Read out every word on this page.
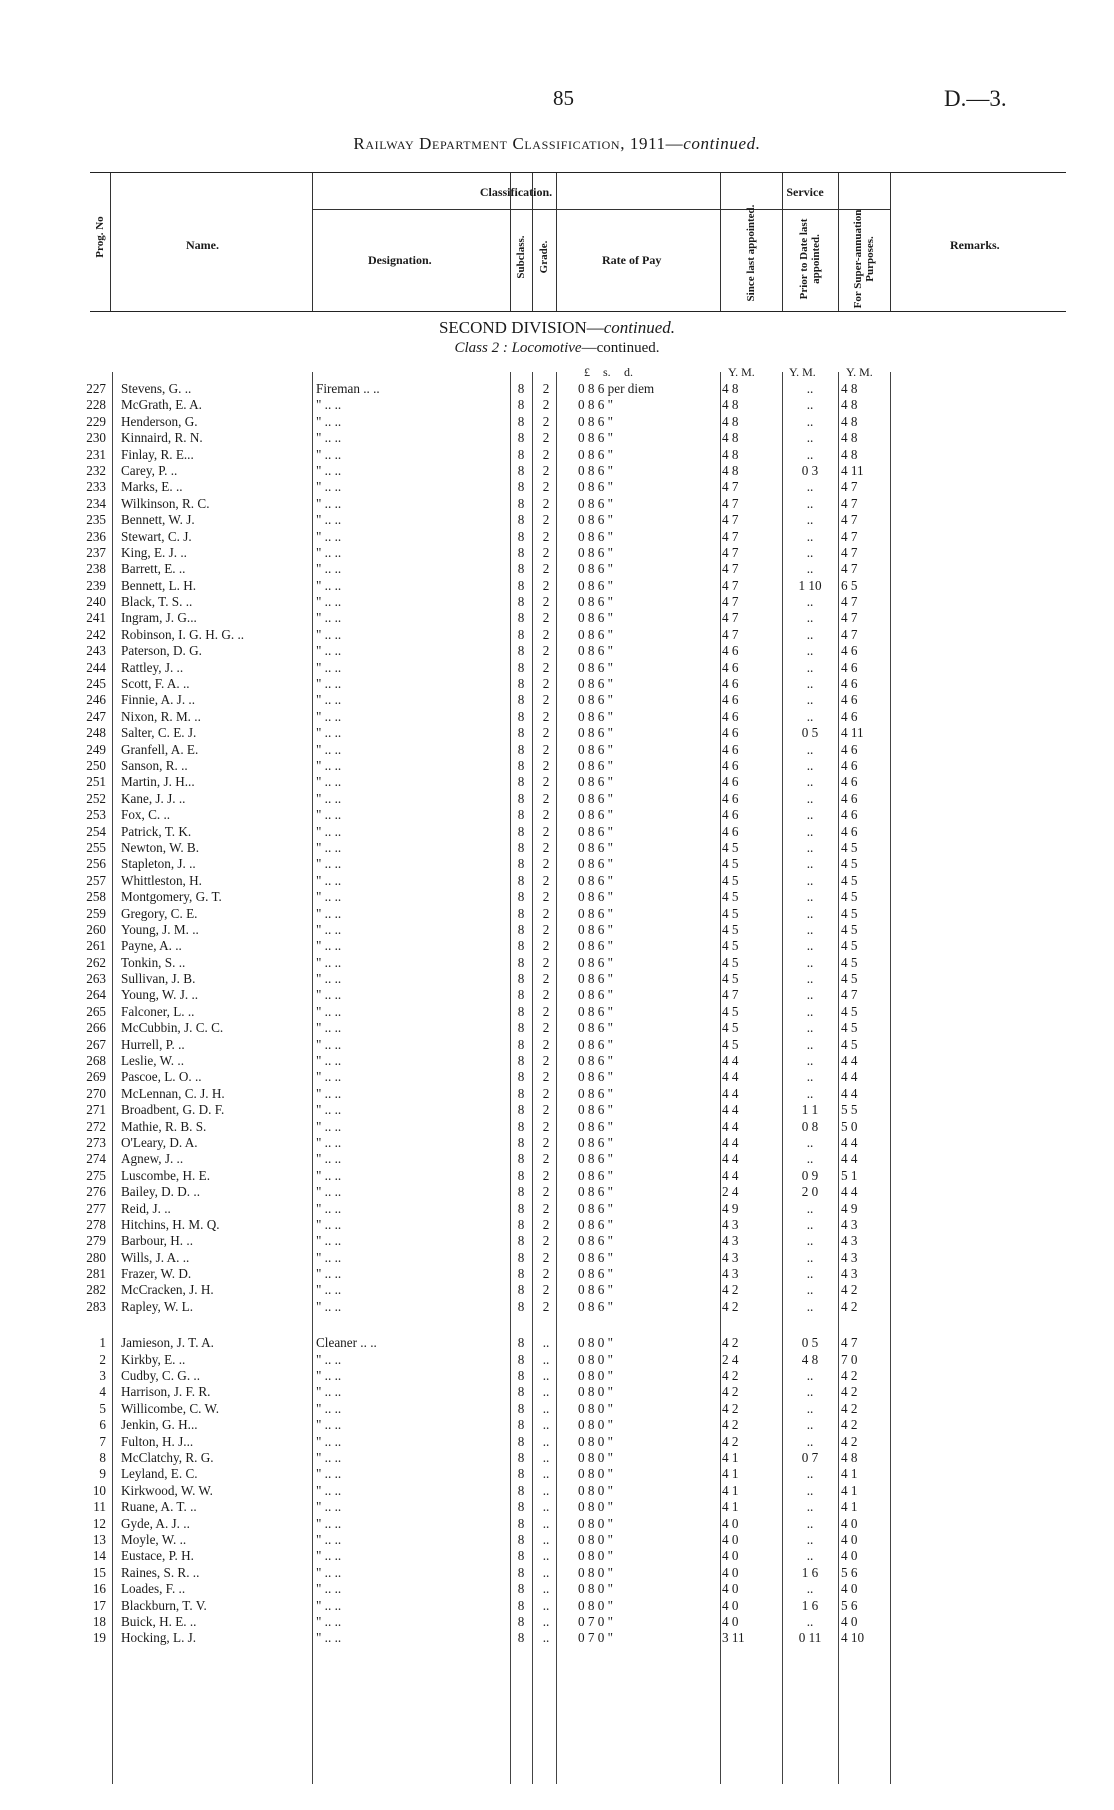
85	D.—3.
Railway Department Classification, 1911—continued.
Classification.	Service
Prog. No	Name.
Designation.	Subclass. Grade.	Rate of Pay	Since last appointed.	Prior to Date last appointed.	For Super-annuation Purposes.	Remarks.
SECOND DIVISION—continued.
Class 2 : Locomotive—continued.
£ s. d.	Y. M.	Y. M.	Y. M.
227 Stevens, G. ..	Fireman .. ..	8	2	0 8 6 per diem	4 8	..	4 8
228 McGrath, E. A.	" .. ..	8	2	0 8 6 "	4 8	..	4 8
229 Henderson, G.	" .. ..	8	2	0 8 6 "	4 8	..	4 8
230 Kinnaird, R. N.	" .. ..	8	2	0 8 6 "	4 8	..	4 8
231 Finlay, R. E...	" .. ..	8	2	0 8 6 "	4 8	..	4 8
232 Carey, P. ..	" .. ..	8	2	0 8 6 "	4 8	0 3	4 11
233 Marks, E. ..	" .. ..	8	2	0 8 6 "	4 7	..	4 7
234 Wilkinson, R. C.	" .. ..	8	2	0 8 6 "	4 7	..	4 7
235 Bennett, W. J.	" .. ..	8	2	0 8 6 "	4 7	..	4 7
236 Stewart, C. J.	" .. ..	8	2	0 8 6 "	4 7	..	4 7
237 King, E. J. ..	" .. ..	8	2	0 8 6 "	4 7	..	4 7
238 Barrett, E. ..	" .. ..	8	2	0 8 6 "	4 7	..	4 7
239 Bennett, L. H.	" .. ..	8	2	0 8 6 "	4 7	1 10	6 5
240 Black, T. S. ..	" .. ..	8	2	0 8 6 "	4 7	..	4 7
241 Ingram, J. G...	" .. ..	8	2	0 8 6 "	4 7	..	4 7
242 Robinson, I. G. H. G. ..	" .. ..	8	2	0 8 6 "	4 7	..	4 7
243 Paterson, D. G.	" .. ..	8	2	0 8 6 "	4 6	..	4 6
244 Rattley, J. ..	" .. ..	8	2	0 8 6 "	4 6	..	4 6
245 Scott, F. A. ..	" .. ..	8	2	0 8 6 "	4 6	..	4 6
246 Finnie, A. J. ..	" .. ..	8	2	0 8 6 "	4 6	..	4 6
247 Nixon, R. M. ..	" .. ..	8	2	0 8 6 "	4 6	..	4 6
248 Salter, C. E. J.	" .. ..	8	2	0 8 6 "	4 6	0 5	4 11
249 Granfell, A. E.	" .. ..	8	2	0 8 6 "	4 6	..	4 6
250 Sanson, R. ..	" .. ..	8	2	0 8 6 "	4 6	..	4 6
251 Martin, J. H...	" .. ..	8	2	0 8 6 "	4 6	..	4 6
252 Kane, J. J. ..	" .. ..	8	2	0 8 6 "	4 6	..	4 6
253 Fox, C. ..	" .. ..	8	2	0 8 6 "	4 6	..	4 6
254 Patrick, T. K.	" .. ..	8	2	0 8 6 "	4 6	..	4 6
255 Newton, W. B.	" .. ..	8	2	0 8 6 "	4 5	..	4 5
256 Stapleton, J. ..	" .. ..	8	2	0 8 6 "	4 5	..	4 5
257 Whittleston, H.	" .. ..	8	2	0 8 6 "	4 5	..	4 5
258 Montgomery, G. T.	" .. ..	8	2	0 8 6 "	4 5	..	4 5
259 Gregory, C. E.	" .. ..	8	2	0 8 6 "	4 5	..	4 5
260 Young, J. M. ..	" .. ..	8	2	0 8 6 "	4 5	..	4 5
261 Payne, A. ..	" .. ..	8	2	0 8 6 "	4 5	..	4 5
262 Tonkin, S. ..	" .. ..	8	2	0 8 6 "	4 5	..	4 5
263 Sullivan, J. B.	" .. ..	8	2	0 8 6 "	4 5	..	4 5
264 Young, W. J. ..	" .. ..	8	2	0 8 6 "	4 7	..	4 7
265 Falconer, L. ..	" .. ..	8	2	0 8 6 "	4 5	..	4 5
266 McCubbin, J. C. C.	" .. ..	8	2	0 8 6 "	4 5	..	4 5
267 Hurrell, P. ..	" .. ..	8	2	0 8 6 "	4 5	..	4 5
268 Leslie, W. ..	" .. ..	8	2	0 8 6 "	4 4	..	4 4
269 Pascoe, L. O. ..	" .. ..	8	2	0 8 6 "	4 4	..	4 4
270 McLennan, C. J. H.	" .. ..	8	2	0 8 6 "	4 4	..	4 4
271 Broadbent, G. D. F.	" .. ..	8	2	0 8 6 "	4 4	1 1	5 5
272 Mathie, R. B. S.	" .. ..	8	2	0 8 6 "	4 4	0 8	5 0
273 O'Leary, D. A.	" .. ..	8	2	0 8 6 "	4 4	..	4 4
274 Agnew, J. ..	" .. ..	8	2	0 8 6 "	4 4	..	4 4
275 Luscombe, H. E.	" .. ..	8	2	0 8 6 "	4 4	0 9	5 1
276 Bailey, D. D. ..	" .. ..	8	2	0 8 6 "	2 4	2 0	4 4
277 Reid, J. ..	" .. ..	8	2	0 8 6 "	4 9	..	4 9
278 Hitchins, H. M. Q.	" .. ..	8	2	0 8 6 "	4 3	..	4 3
279 Barbour, H. ..	" .. ..	8	2	0 8 6 "	4 3	..	4 3
280 Wills, J. A. ..	" .. ..	8	2	0 8 6 "	4 3	..	4 3
281 Frazer, W. D.	" .. ..	8	2	0 8 6 "	4 3	..	4 3
282 McCracken, J. H.	" .. ..	8	2	0 8 6 "	4 2	..	4 2
283 Rapley, W. L.	" .. ..	8	2	0 8 6 "	4 2	..	4 2
1 Jamieson, J. T. A.	Cleaner .. ..	8	..	0 8 0 "	4 2	0 5	4 7
2 Kirkby, E. ..	" .. ..	8	..	0 8 0 "	2 4	4 8	7 0
3 Cudby, C. G. ..	" .. ..	8	..	0 8 0 "	4 2	..	4 2
4 Harrison, J. F. R.	" .. ..	8	..	0 8 0 "	4 2	..	4 2
5 Willicombe, C. W.	" .. ..	8	..	0 8 0 "	4 2	..	4 2
6 Jenkin, G. H...	" .. ..	8	..	0 8 0 "	4 2	..	4 2
7 Fulton, H. J...	" .. ..	8	..	0 8 0 "	4 2	..	4 2
8 McClatchy, R. G.	" .. ..	8	..	0 8 0 "	4 1	0 7	4 8
9 Leyland, E. C.	" .. ..	8	..	0 8 0 "	4 1	..	4 1
10 Kirkwood, W. W.	" .. ..	8	..	0 8 0 "	4 1	..	4 1
11 Ruane, A. T. ..	" .. ..	8	..	0 8 0 "	4 1	..	4 1
12 Gyde, A. J. ..	" .. ..	8	..	0 8 0 "	4 0	..	4 0
13 Moyle, W. ..	" .. ..	8	..	0 8 0 "	4 0	..	4 0
14 Eustace, P. H.	" .. ..	8	..	0 8 0 "	4 0	..	4 0
15 Raines, S. R. ..	" .. ..	8	..	0 8 0 "	4 0	1 6	5 6
16 Loades, F. ..	" .. ..	8	..	0 8 0 "	4 0	..	4 0
17 Blackburn, T. V.	" .. ..	8	..	0 8 0 "	4 0	1 6	5 6
18 Buick, H. E. ..	" .. ..	8	..	0 7 0 "	4 0	..	4 0
19 Hocking, L. J.	" .. ..	8	..	0 7 0 "	3 11	0 11	4 10
